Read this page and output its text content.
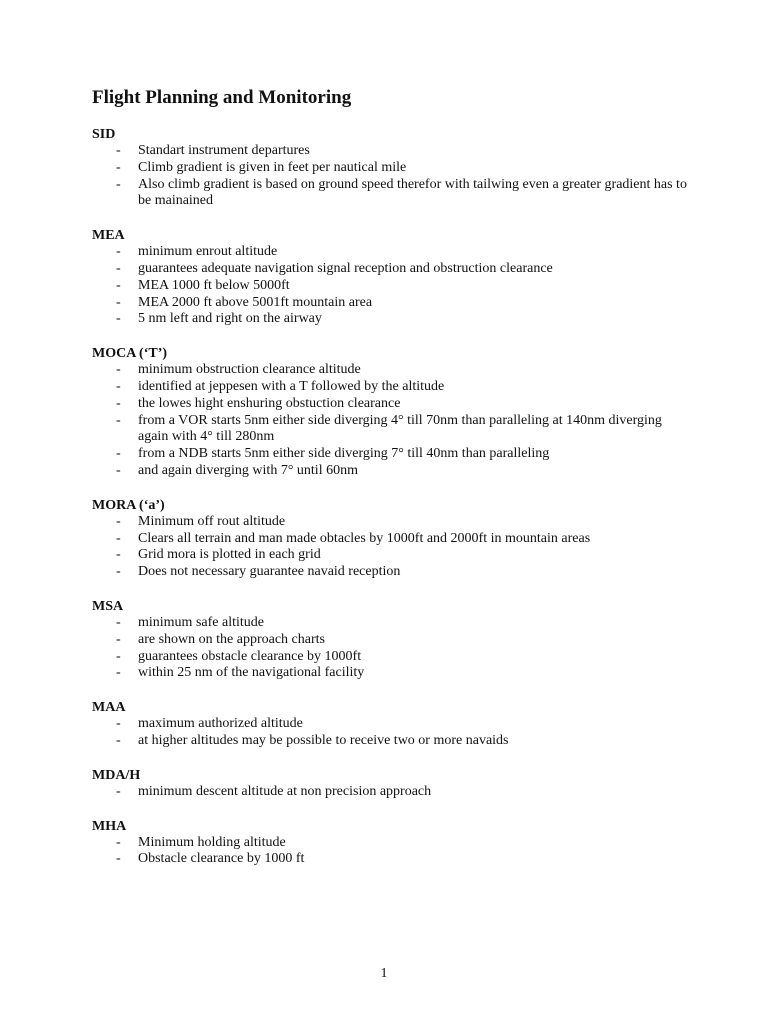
Flight Planning and Monitoring
SID
- Standart instrument departures
- Climb gradient is given in feet per nautical mile
- Also climb gradient is based on ground speed therefor with tailwing even a greater gradient has to be mainained
MEA
- minimum enrout altitude
- guarantees adequate navigation signal reception and obstruction clearance
- MEA 1000 ft below 5000ft
- MEA 2000 ft above 5001ft mountain area
- 5 nm left and right on the airway
MOCA (‘T’)
- minimum obstruction clearance altitude
- identified at jeppesen with a T followed by the altitude
- the lowes hight enshuring obstuction clearance
- from a VOR starts 5nm either side diverging 4° till 70nm than paralleling at 140nm diverging again with 4° till 280nm
- from a NDB starts 5nm either side diverging 7° till 40nm than paralleling
- and again diverging with 7° until 60nm
MORA (‘a’)
- Minimum off rout altitude
- Clears all terrain and man made obtacles by 1000ft and 2000ft in mountain areas
- Grid mora is plotted in each grid
- Does not necessary guarantee navaid reception
MSA
- minimum safe altitude
- are shown on the approach charts
- guarantees obstacle clearance by 1000ft
- within 25 nm of the navigational facility
MAA
- maximum authorized altitude
- at higher altitudes may be possible to receive two or more navaids
MDA/H
- minimum descent altitude at non precision approach
MHA
- Minimum holding altitude
- Obstacle clearance by 1000 ft
1
